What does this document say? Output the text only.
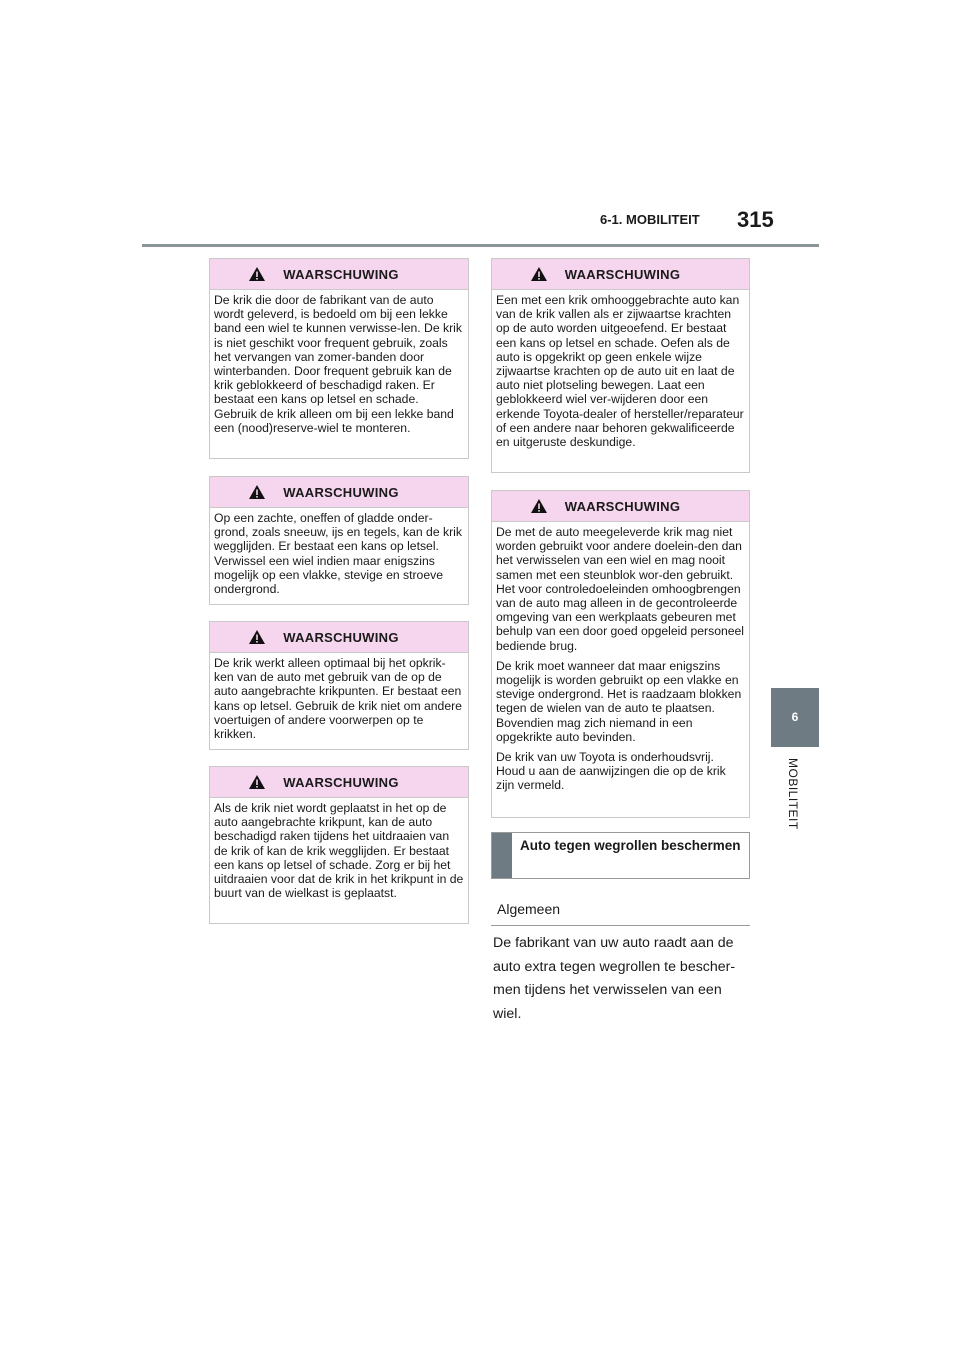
6-1. MOBILITEIT 315
6
MOBILITEIT
WAARSCHUWING

De krik die door de fabrikant van de auto wordt geleverd, is bedoeld om bij een lekke band een wiel te kunnen verwisse-len. De krik is niet geschikt voor frequent gebruik, zoals het vervangen van zomer-banden door winterbanden. Door frequent gebruik kan de krik geblokkeerd of beschadigd raken. Er bestaat een kans op letsel en schade. Gebruik de krik alleen om bij een lekke band een (nood)reserve-wiel te monteren.

WAARSCHUWING

Op een zachte, oneffen of gladde onder-grond, zoals sneeuw, ijs en tegels, kan de krik wegglijden. Er bestaat een kans op letsel. Verwissel een wiel indien maar enigszins mogelijk op een vlakke, stevige en stroeve ondergrond.

WAARSCHUWING

De krik werkt alleen optimaal bij het opkrik-ken van de auto met gebruik van de op de auto aangebrachte krikpunten. Er bestaat een kans op letsel. Gebruik de krik niet om andere voertuigen of andere voorwerpen op te krikken.

WAARSCHUWING

Als de krik niet wordt geplaatst in het op de auto aangebrachte krikpunt, kan de auto beschadigd raken tijdens het uitdraaien van de krik of kan de krik wegglijden. Er bestaat een kans op letsel of schade. Zorg er bij het uitdraaien voor dat de krik in het krikpunt in de buurt van de wielkast is geplaatst.

WAARSCHUWING

Een met een krik omhooggebrachte auto kan van de krik vallen als er zijwaartse krachten op de auto worden uitgeoefend. Er bestaat een kans op letsel en schade. Oefen als de auto is opgekrikt op geen enkele wijze zijwaartse krachten op de auto uit en laat de auto niet plotseling bewegen. Laat een geblokkeerd wiel ver-wijderen door een erkende Toyota-dealer of hersteller/reparateur of een andere naar behoren gekwalificeerde en uitgeruste deskundige.

WAARSCHUWING

De met de auto meegeleverde krik mag niet worden gebruikt voor andere doelein-den dan het verwisselen van een wiel en mag nooit samen met een steunblok wor-den gebruikt. Het voor controledoeleinden omhoogbrengen van de auto mag alleen in de gecontroleerde omgeving van een werkplaats gebeuren met behulp van een door goed opgeleid personeel bediende brug.

De krik moet wanneer dat maar enigszins mogelijk is worden gebruikt op een vlakke en stevige ondergrond. Het is raadzaam blokken tegen de wielen van de auto te plaatsen. Bovendien mag zich niemand in een opgekrikte auto bevinden.

De krik van uw Toyota is onderhoudsvrij. Houd u aan de aanwijzingen die op de krik zijn vermeld.

Auto tegen wegrollen beschermen
Algemeen
De fabrikant van uw auto raadt aan de auto extra tegen wegrollen te bescher-men tijdens het verwisselen van een wiel.
